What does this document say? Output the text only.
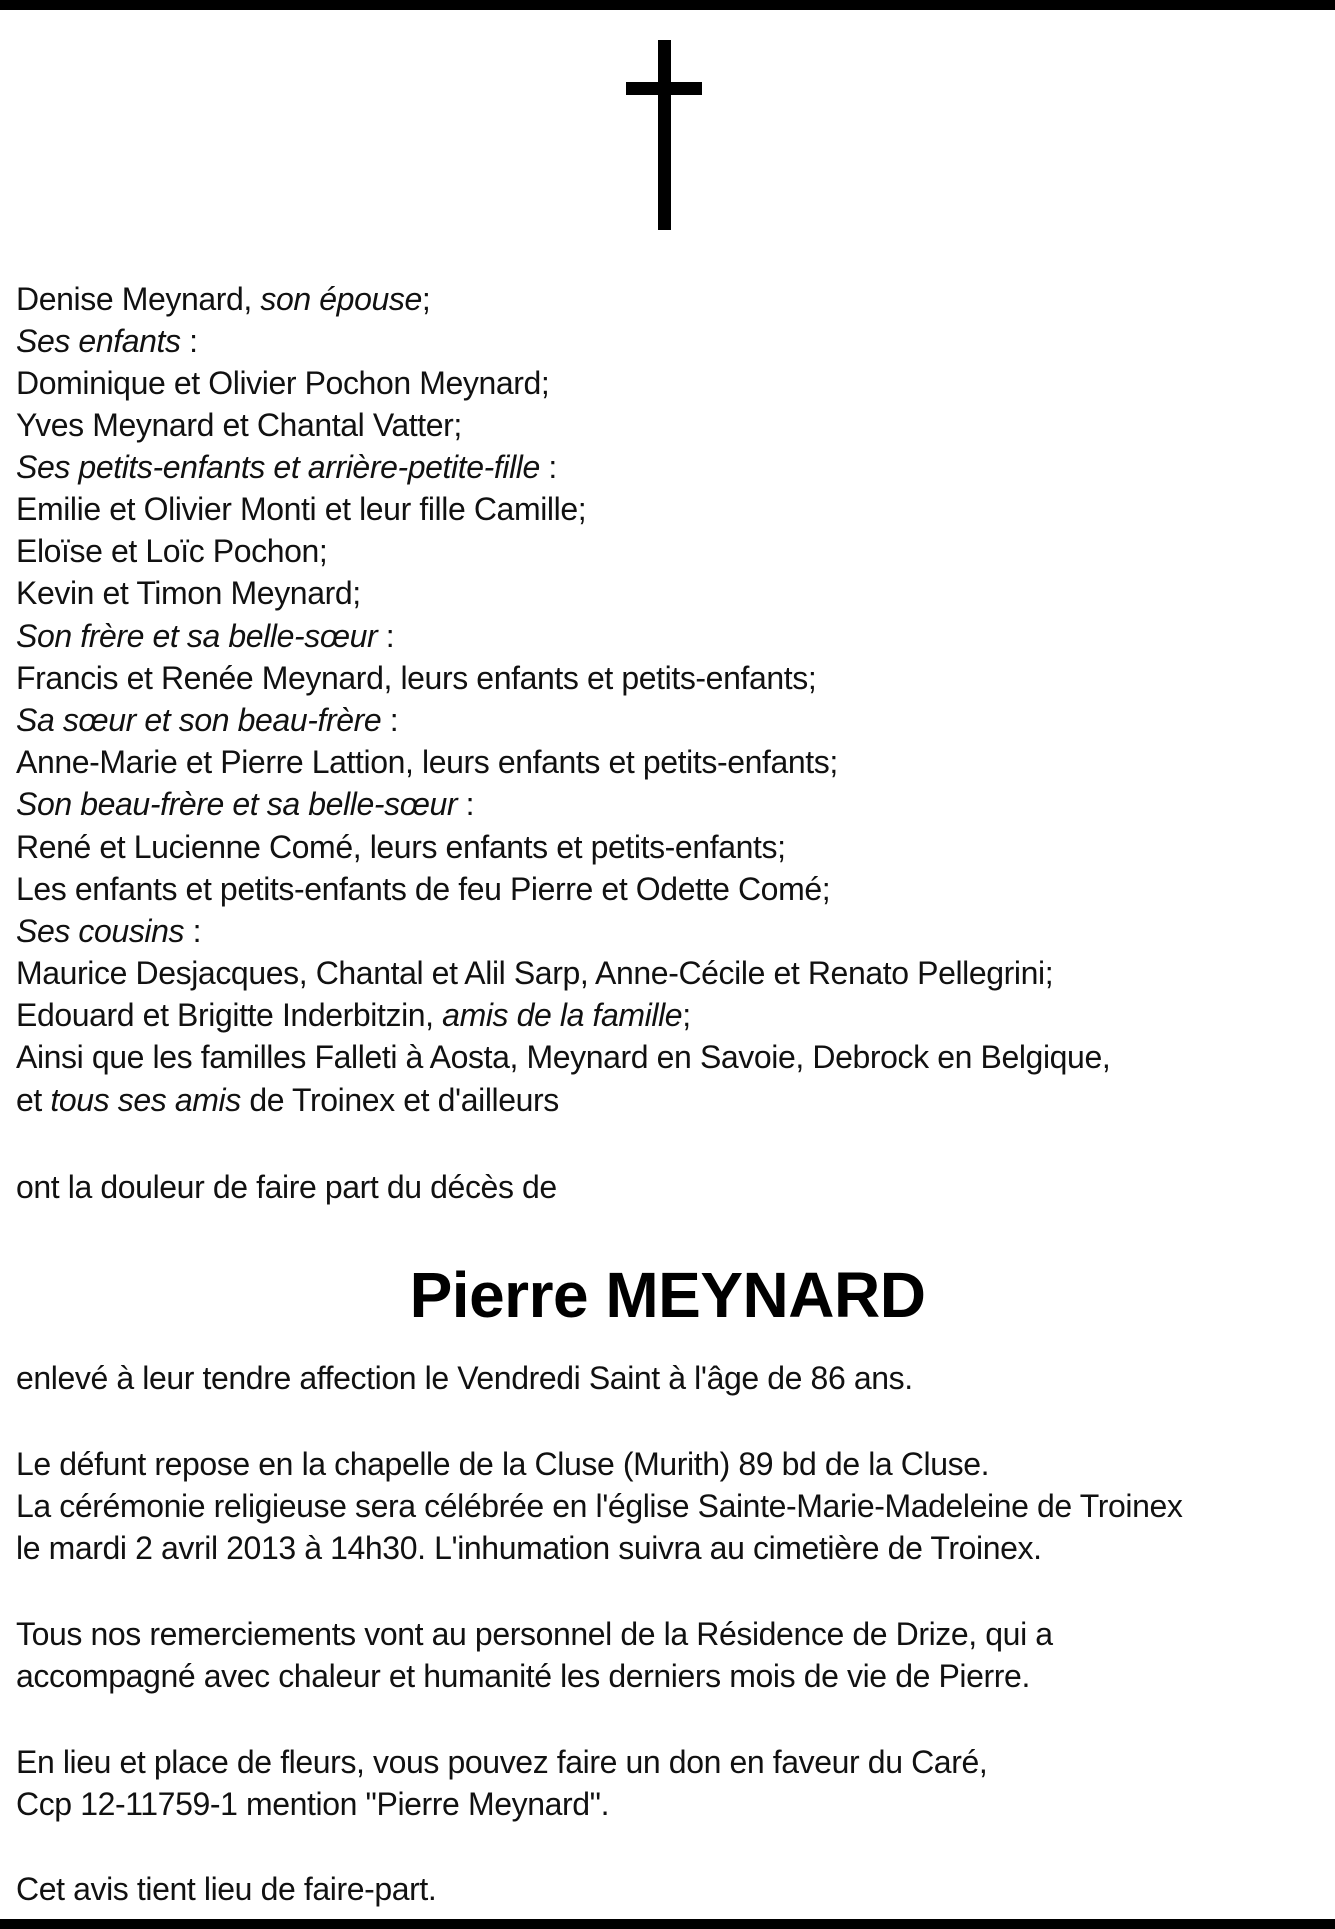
Denise Meynard, son épouse;
Ses enfants :
Dominique et Olivier Pochon Meynard;
Yves Meynard et Chantal Vatter;
Ses petits-enfants et arrière-petite-fille :
Emilie et Olivier Monti et leur fille Camille;
Eloïse et Loïc Pochon;
Kevin et Timon Meynard;
Son frère et sa belle-sœur :
Francis et Renée Meynard, leurs enfants et petits-enfants;
Sa sœur et son beau-frère :
Anne-Marie et Pierre Lattion, leurs enfants et petits-enfants;
Son beau-frère et sa belle-sœur :
René et Lucienne Comé, leurs enfants et petits-enfants;
Les enfants et petits-enfants de feu Pierre et Odette Comé;
Ses cousins :
Maurice Desjacques, Chantal et Alil Sarp, Anne-Cécile et Renato Pellegrini;
Edouard et Brigitte Inderbitzin, amis de la famille;
Ainsi que les familles Falleti à Aosta, Meynard en Savoie, Debrock en Belgique,
et tous ses amis de Troinex et d'ailleurs
ont la douleur de faire part du décès de
Pierre MEYNARD
enlevé à leur tendre affection le Vendredi Saint à l'âge de 86 ans.
Le défunt repose en la chapelle de la Cluse (Murith) 89 bd de la Cluse.
La cérémonie religieuse sera célébrée en l'église Sainte-Marie-Madeleine de Troinex
le mardi 2 avril 2013 à 14h30. L'inhumation suivra au cimetière de Troinex.
Tous nos remerciements vont au personnel de la Résidence de Drize, qui a
accompagné avec chaleur et humanité les derniers mois de vie de Pierre.
En lieu et place de fleurs, vous pouvez faire un don en faveur du Caré,
Ccp 12-11759-1 mention "Pierre Meynard".
Cet avis tient lieu de faire-part.
